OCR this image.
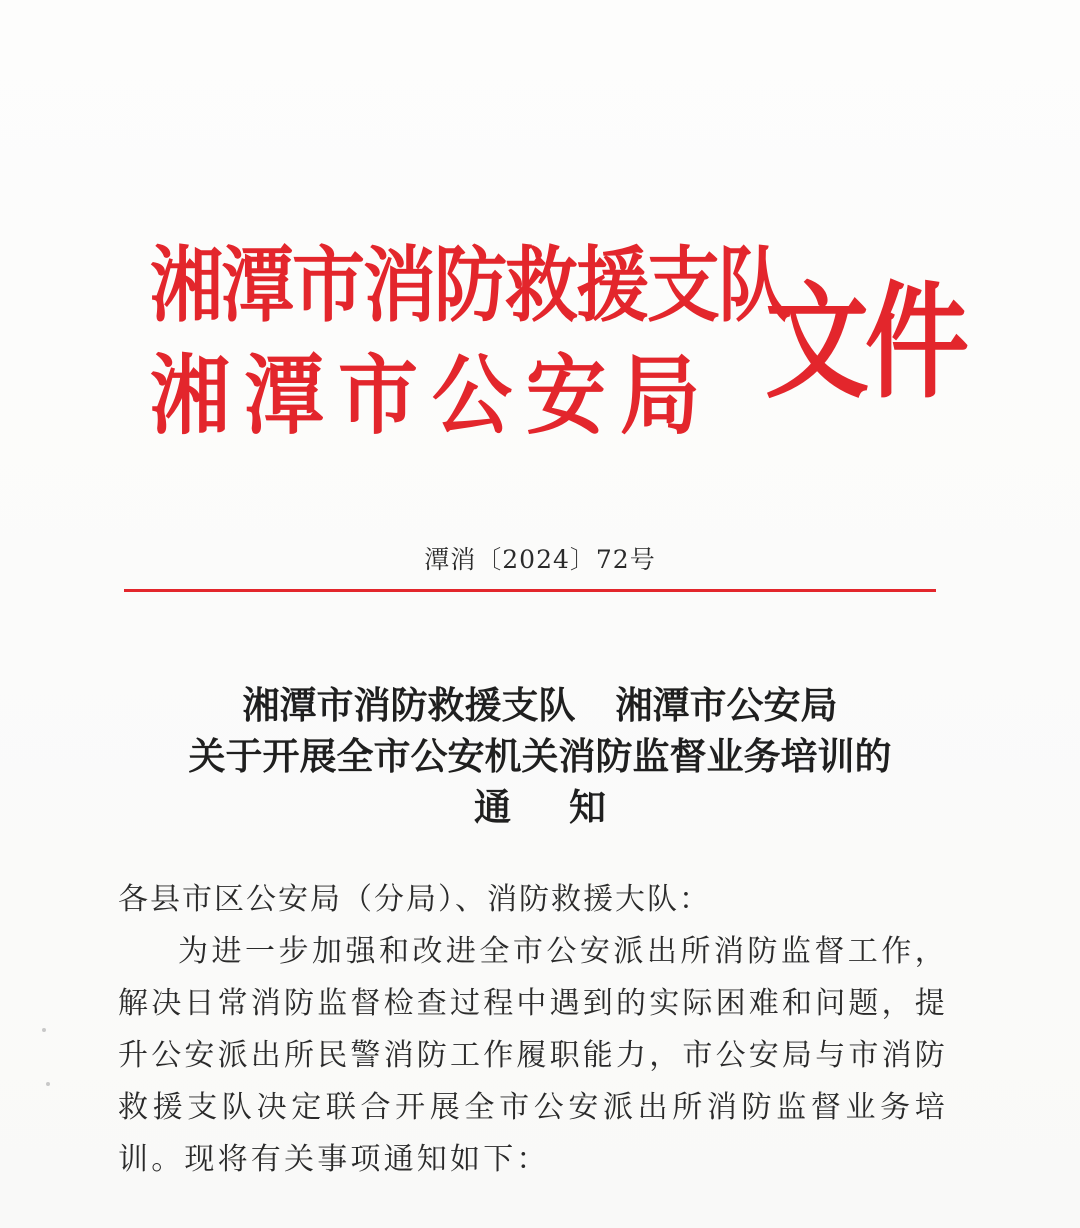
湘潭市消防救援支队
湘潭市公安局 文件
潭消〔2024〕72号
湘潭市消防救援支队 湘潭市公安局
关于开展全市公安机关消防监督业务培训的
通知
各县市区公安局（分局）、消防救援大队：
为进一步加强和改进全市公安派出所消防监督工作，解决日常消防监督检查过程中遇到的实际困难和问题，提升公安派出所民警消防工作履职能力，市公安局与市消防救援支队决定联合开展全市公安派出所消防监督业务培训。现将有关事项通知如下：
